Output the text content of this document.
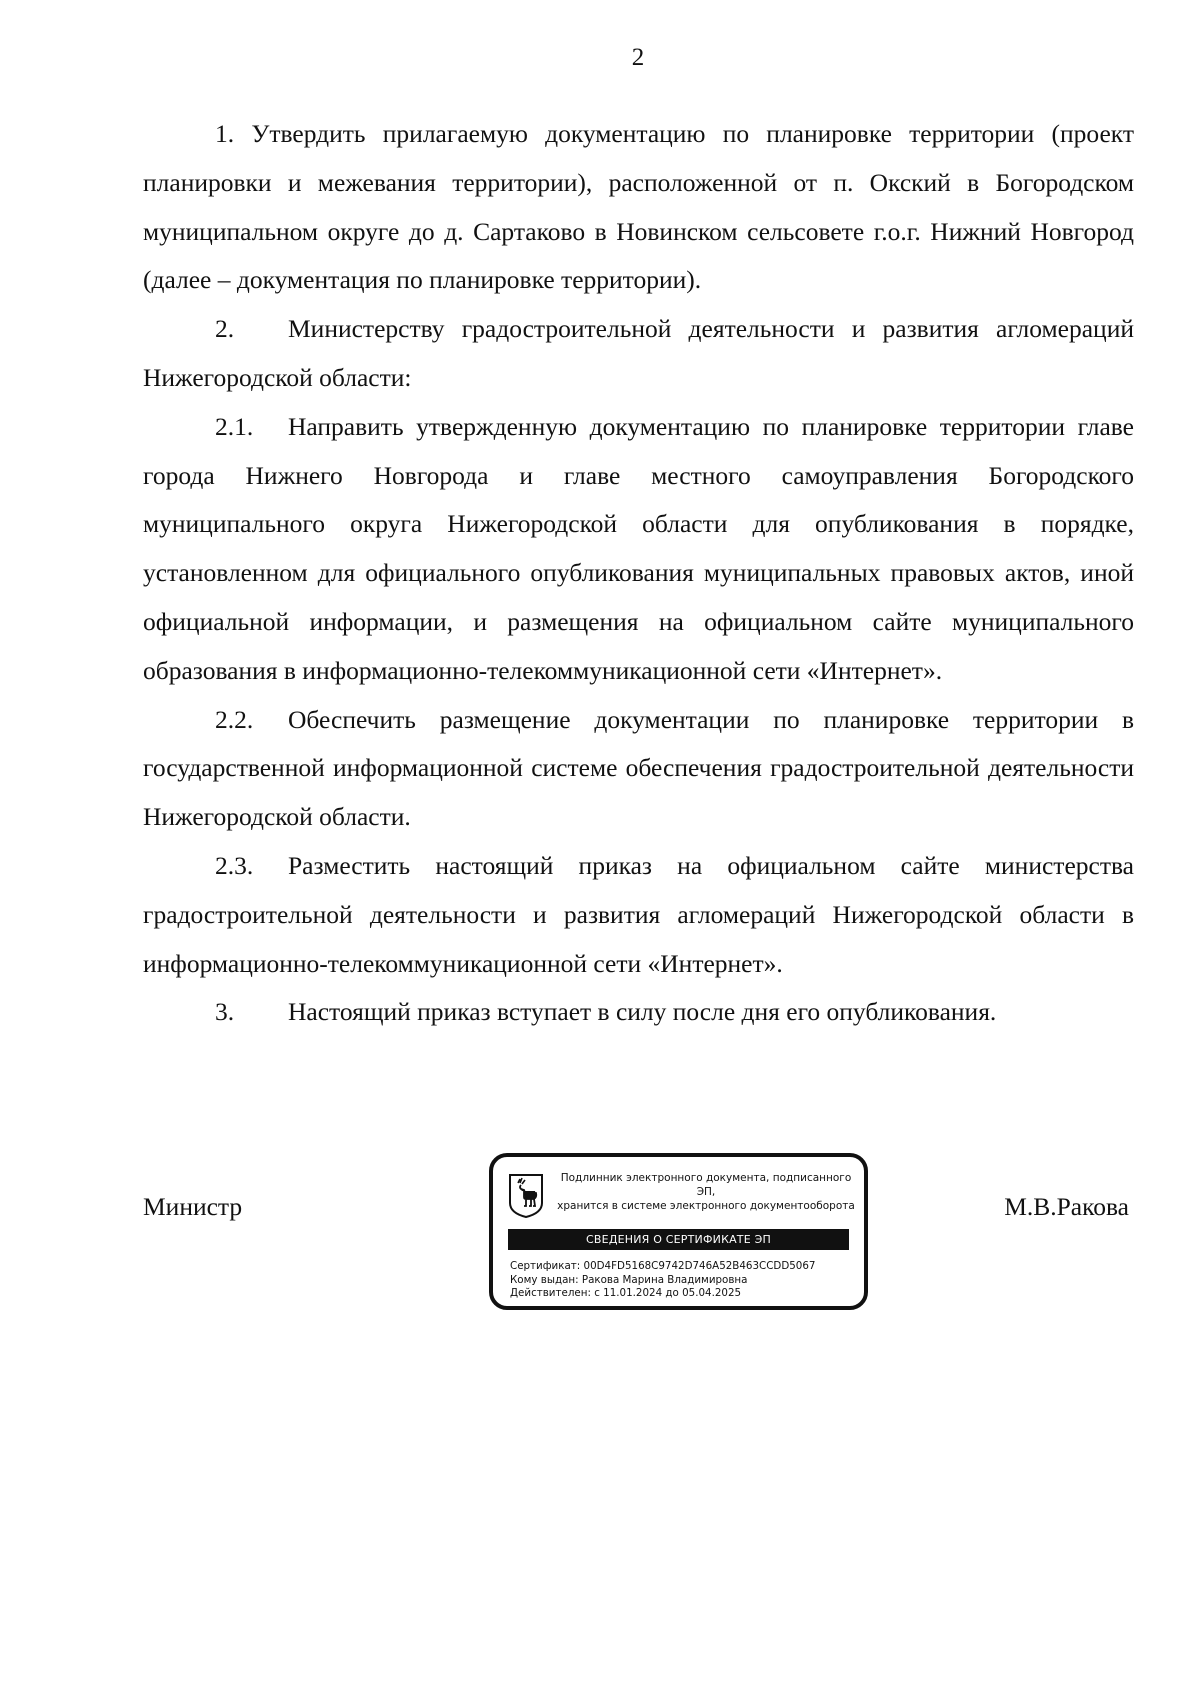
2

1. Утвердить прилагаемую документацию по планировке территории (проект планировки и межевания территории), расположенной от п. Окский в Богородском муниципальном округе до д. Сартаково в Новинском сельсовете г.о.г. Нижний Новгород (далее – документация по планировке территории).

2. Министерству градостроительной деятельности и развития агломераций Нижегородской области:

2.1. Направить утвержденную документацию по планировке территории главе города Нижнего Новгорода и главе местного самоуправления Богородского муниципального округа Нижегородской области для опубликования в порядке, установленном для официального опубликования муниципальных правовых актов, иной официальной информации, и размещения на официальном сайте муниципального образования в информационно-телекоммуникационной сети «Интернет».

2.2. Обеспечить размещение документации по планировке территории в государственной информационной системе обеспечения градостроительной деятельности Нижегородской области.

2.3. Разместить настоящий приказ на официальном сайте министерства градостроительной деятельности и развития агломераций Нижегородской области в информационно-телекоммуникационной сети «Интернет».

3. Настоящий приказ вступает в силу после дня его опубликования.

Министр	М.В.Ракова
Подлинник электронного документа, подписанного ЭП,
хранится в системе электронного документооборота
СВЕДЕНИЯ О СЕРТИФИКАТЕ ЭП
Сертификат: 00D4FD5168C9742D746A52B463CCDD5067
Кому выдан: Ракова Марина Владимировна
Действителен: с 11.01.2024 до 05.04.2025
